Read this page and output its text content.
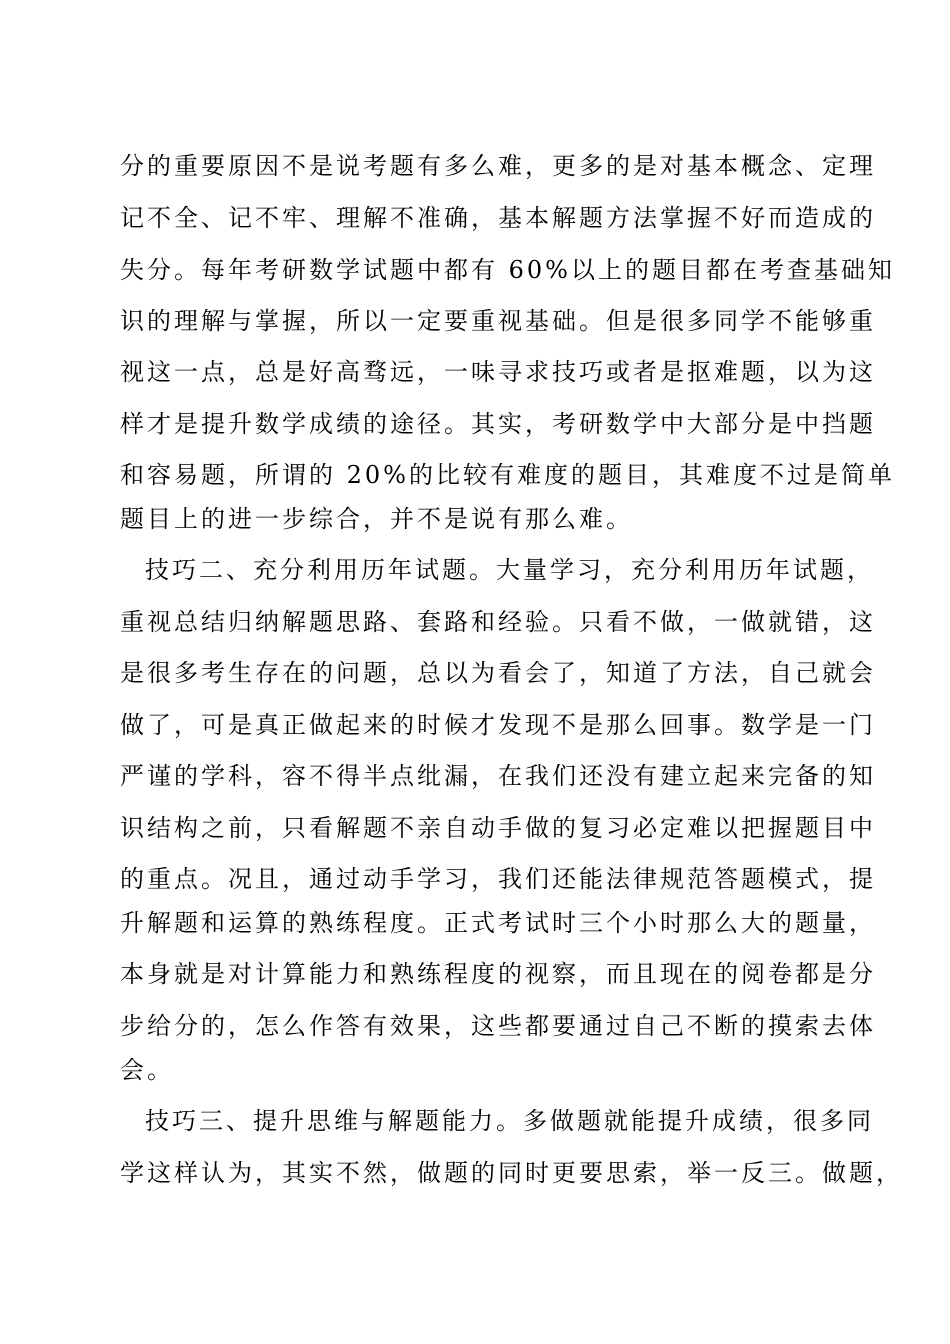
分的重要原因不是说考题有多么难，更多的是对基本概念、定理
记不全、记不牢、理解不准确，基本解题方法掌握不好而造成的
失分。每年考研数学试题中都有 60%以上的题目都在考查基础知
识的理解与掌握，所以一定要重视基础。但是很多同学不能够重
视这一点，总是好高骛远，一味寻求技巧或者是抠难题，以为这
样才是提升数学成绩的途径。其实，考研数学中大部分是中挡题
和容易题，所谓的 20%的比较有难度的题目，其难度不过是简单
题目上的进一步综合，并不是说有那么难。
技巧二、充分利用历年试题。大量学习，充分利用历年试题，
重视总结归纳解题思路、套路和经验。只看不做，一做就错，这
是很多考生存在的问题，总以为看会了，知道了方法，自己就会
做了，可是真正做起来的时候才发现不是那么回事。数学是一门
严谨的学科，容不得半点纰漏，在我们还没有建立起来完备的知
识结构之前，只看解题不亲自动手做的复习必定难以把握题目中
的重点。况且，通过动手学习，我们还能法律规范答题模式，提
升解题和运算的熟练程度。正式考试时三个小时那么大的题量，
本身就是对计算能力和熟练程度的视察，而且现在的阅卷都是分
步给分的，怎么作答有效果，这些都要通过自己不断的摸索去体
会。
技巧三、提升思维与解题能力。多做题就能提升成绩，很多同
学这样认为，其实不然，做题的同时更要思索，举一反三。做题，
